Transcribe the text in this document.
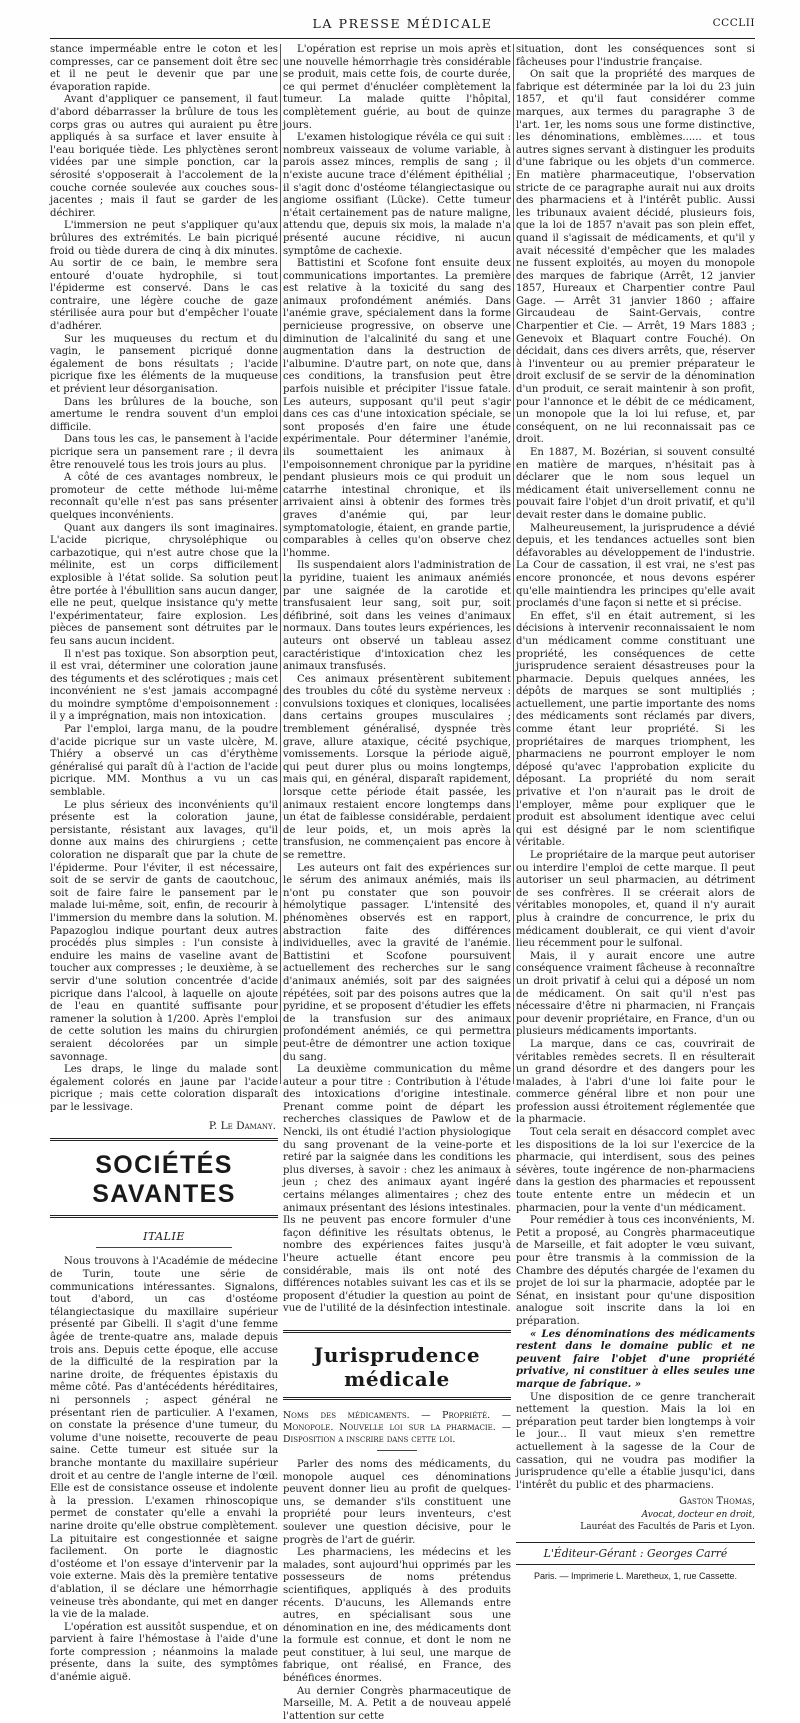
LA PRESSE MÉDICALE	CCCLII

stance imperméable entre le coton et les compresses, car ce pansement doit être sec et il ne peut le devenir que par une évaporation rapide.

Avant d'appliquer ce pansement, il faut d'abord débarrasser la brûlure de tous les corps gras ou autres qui auraient pu être appliqués à sa surface et laver ensuite à l'eau boriquée tiède. Les phlyctènes seront vidées par une simple ponction, car la sérosité s'opposerait à l'accolement de la couche cornée soulevée aux couches sous-jacentes ; mais il faut se garder de les déchirer.

L'immersion ne peut s'appliquer qu'aux brûlures des extrémités. Le bain picriqué froid ou tiède durera de cinq à dix minutes. Au sortir de ce bain, le membre sera entouré d'ouate hydrophile, si tout l'épiderme est conservé. Dans le cas contraire, une légère couche de gaze stérilisée aura pour but d'empêcher l'ouate d'adhérer.

Sur les muqueuses du rectum et du vagin, le pansement picriqué donne également de bons résultats ; l'acide picrique fixe les éléments de la muqueuse et prévient leur désorganisation.

Dans les brûlures de la bouche, son amertume le rendra souvent d'un emploi difficile.

Dans tous les cas, le pansement à l'acide picrique sera un pansement rare ; il devra être renouvelé tous les trois jours au plus.

A côté de ces avantages nombreux, le promoteur de cette méthode lui-même reconnaît qu'elle n'est pas sans présenter quelques inconvénients.

Quant aux dangers ils sont imaginaires. L'acide picrique, chrysoléphique ou carbazotique, qui n'est autre chose que la mélinite, est un corps difficilement explosible à l'état solide. Sa solution peut être portée à l'ébullition sans aucun danger, elle ne peut, quelque insistance qu'y mette l'expérimentateur, faire explosion. Les pièces de pansement sont détruites par le feu sans aucun incident.

Il n'est pas toxique. Son absorption peut, il est vrai, déterminer une coloration jaune des téguments et des sclérotiques ; mais cet inconvénient ne s'est jamais accompagné du moindre symptôme d'empoisonnement : il y a imprégnation, mais non intoxication.

Par l'emploi, larga manu, de la poudre d'acide picrique sur un vaste ulcère, M. Thiéry a observé un cas d'érythème généralisé qui paraît dû à l'action de l'acide picrique. MM. Monthus a vu un cas semblable.

Le plus sérieux des inconvénients qu'il présente est la coloration jaune, persistante, résistant aux lavages, qu'il donne aux mains des chirurgiens ; cette coloration ne disparaît que par la chute de l'épiderme. Pour l'éviter, il est nécessaire, soit de se servir de gants de caoutchouc, soit de faire faire le pansement par le malade lui-même, soit, enfin, de recourir à l'immersion du membre dans la solution. M. Papazoglou indique pourtant deux autres procédés plus simples : l'un consiste à enduire les mains de vaseline avant de toucher aux compresses ; le deuxième, à se servir d'une solution concentrée d'acide picrique dans l'alcool, à laquelle on ajoute de l'eau en quantité suffisante pour ramener la solution à 1/200. Après l'emploi de cette solution les mains du chirurgien seraient décolorées par un simple savonnage.

Les draps, le linge du malade sont également colorés en jaune par l'acide picrique ; mais cette coloration disparaît par le lessivage.

P. Le Damany.
SOCIÉTÉS SAVANTES
ITALIE

Nous trouvons à l'Académie de médecine de Turin, toute une série de communications intéressantes. Signalons, tout d'abord, un cas d'ostéome télangiectasique du maxillaire supérieur présenté par Gibelli. Il s'agit d'une femme âgée de trente-quatre ans, malade depuis trois ans. Depuis cette époque, elle accuse de la difficulté de la respiration par la narine droite, de fréquentes épistaxis du même côté. Pas d'antécédents héréditaires, ni personnels ; aspect général ne présentant rien de particulier. A l'examen, on constate la présence d'une tumeur, du volume d'une noisette, recouverte de peau saine. Cette tumeur est située sur la branche montante du maxillaire supérieur droit et au centre de l'angle interne de l'œil. Elle est de consistance osseuse et indolente à la pression. L'examen rhinoscopique permet de constater qu'elle a envahi la narine droite qu'elle obstrue complètement. La pituitaire est congestionnée et saigne facilement. On porte le diagnostic d'ostéome et l'on essaye d'intervenir par la voie externe. Mais dès la première tentative d'ablation, il se déclare une hémorrhagie veineuse très abondante, qui met en danger la vie de la malade.

L'opération est aussitôt suspendue, et on parvient à faire l'hémostase à l'aide d'une forte compression ; néanmoins la malade présente, dans la suite, des symptômes d'anémie aiguë.

L'opération est reprise un mois après et une nouvelle hémorrhagie très considérable se produit, mais cette fois, de courte durée, ce qui permet d'énucléer complètement la tumeur. La malade quitte l'hôpital, complètement guérie, au bout de quinze jours.

L'examen histologique révéla ce qui suit : nombreux vaisseaux de volume variable, à parois assez minces, remplis de sang ; il n'existe aucune trace d'élément épithélial ; il s'agit donc d'ostéome télangiectasique ou angiome ossifiant (Lücke). Cette tumeur n'était certainement pas de nature maligne, attendu que, depuis six mois, la malade n'a présenté aucune récidive, ni aucun symptôme de cachexie.

Battistini et Scofone font ensuite deux communications importantes. La première est relative à la toxicité du sang des animaux profondément anémiés. Dans l'anémie grave, spécialement dans la forme pernicieuse progressive, on observe une diminution de l'alcalinité du sang et une augmentation dans la destruction de l'albumine. D'autre part, on note que, dans ces conditions, la transfusion peut être parfois nuisible et précipiter l'issue fatale. Les auteurs, supposant qu'il peut s'agir dans ces cas d'une intoxication spéciale, se sont proposés d'en faire une étude expérimentale. Pour déterminer l'anémie, ils soumettaient les animaux à l'empoisonnement chronique par la pyridine pendant plusieurs mois ce qui produit un catarrhe intestinal chronique, et ils arrivaient ainsi à obtenir des formes très graves d'anémie qui, par leur symptomatologie, étaient, en grande partie, comparables à celles qu'on observe chez l'homme.

Ils suspendaient alors l'administration de la pyridine, tuaient les animaux anémiés par une saignée de la carotide et transfusaient leur sang, soit pur, soit défibriné, soit dans les veines d'animaux normaux. Dans toutes leurs expériences, les auteurs ont observé un tableau assez caractéristique d'intoxication chez les animaux transfusés.

Ces animaux présentèrent subitement des troubles du côté du système nerveux : convulsions toxiques et cloniques, localisées dans certains groupes musculaires ; tremblement généralisé, dyspnée très grave, allure ataxique, cécité psychique, vomissements. Lorsque la période aiguë, qui peut durer plus ou moins longtemps, mais qui, en général, disparaît rapidement, lorsque cette période était passée, les animaux restaient encore longtemps dans un état de faiblesse considérable, perdaient de leur poids, et, un mois après la transfusion, ne commençaient pas encore à se remettre.

Les auteurs ont fait des expériences sur le sérum des animaux anémiés, mais ils n'ont pu constater que son pouvoir hémolytique passager. L'intensité des phénomènes observés est en rapport, abstraction faite des différences individuelles, avec la gravité de l'anémie. Battistini et Scofone poursuivent actuellement des recherches sur le sang d'animaux anémiés, soit par des saignées répétées, soit par des poisons autres que la pyridine, et se proposent d'étudier les effets de la transfusion sur des animaux profondément anémiés, ce qui permettra peut-être de démontrer une action toxique du sang.

La deuxième communication du même auteur a pour titre : Contribution à l'étude des intoxications d'origine intestinale. Prenant comme point de départ les recherches classiques de Pawlow et de Nencki, ils ont étudié l'action physiologique du sang provenant de la veine-porte et retiré par la saignée dans les conditions les plus diverses, à savoir : chez les animaux à jeun ; chez des animaux ayant ingéré certains mélanges alimentaires ; chez des animaux présentant des lésions intestinales. Ils ne peuvent pas encore formuler d'une façon définitive les résultats obtenus, le nombre des expériences faites jusqu'à l'heure actuelle étant encore peu considérable, mais ils ont noté des différences notables suivant les cas et ils se proposent d'étudier la question au point de vue de l'utilité de la désinfection intestinale.

Jurisprudence médicale
Noms des médicaments. — Propriété. — Monopole. Nouvelle loi sur la pharmacie. — Disposition a inscrire dans cette loi.

Parler des noms des médicaments, du monopole auquel ces dénominations peuvent donner lieu au profit de quelques-uns, se demander s'ils constituent une propriété pour leurs inventeurs, c'est soulever une question décisive, pour le progrès de l'art de guérir.

Les pharmaciens, les médecins et les malades, sont aujourd'hui opprimés par les possesseurs de noms prétendus scientifiques, appliqués à des produits récents. D'aucuns, les Allemands entre autres, en spécialisant sous une dénomination en ine, des médicaments dont la formule est connue, et dont le nom ne peut constituer, à lui seul, une marque de fabrique, ont réalisé, en France, des bénéfices énormes.

Au dernier Congrès pharmaceutique de Marseille, M. A. Petit a de nouveau appelé l'attention sur cette

situation, dont les conséquences sont si fâcheuses pour l'industrie française.

On sait que la propriété des marques de fabrique est déterminée par la loi du 23 juin 1857, et qu'il faut considérer comme marques, aux termes du paragraphe 3 de l'art. 1er, les noms sous une forme distinctive, les dénominations, emblèmes...... et tous autres signes servant à distinguer les produits d'une fabrique ou les objets d'un commerce. En matière pharmaceutique, l'observation stricte de ce paragraphe aurait nui aux droits des pharmaciens et à l'intérêt public. Aussi les tribunaux avaient décidé, plusieurs fois, que la loi de 1857 n'avait pas son plein effet, quand il s'agissait de médicaments, et qu'il y avait nécessité d'empêcher que les malades ne fussent exploités, au moyen du monopole des marques de fabrique (Arrêt, 12 janvier 1857, Hureaux et Charpentier contre Paul Gage. — Arrêt 31 janvier 1860 ; affaire Gircaudeau de Saint-Gervais, contre Charpentier et Cie. — Arrêt, 19 Mars 1883 ; Genevoix et Blaquart contre Fouché). On décidait, dans ces divers arrêts, que, réserver à l'inventeur ou au premier préparateur le droit exclusif de se servir de la dénomination d'un produit, ce serait maintenir à son profit, pour l'annonce et le débit de ce médicament, un monopole que la loi lui refuse, et, par conséquent, on ne lui reconnaissait pas ce droit.

En 1887, M. Bozérian, si souvent consulté en matière de marques, n'hésitait pas à déclarer que le nom sous lequel un médicament était universellement connu ne pouvait faire l'objet d'un droit privatif, et qu'il devait rester dans le domaine public.

Malheureusement, la jurisprudence a dévié depuis, et les tendances actuelles sont bien défavorables au développement de l'industrie. La Cour de cassation, il est vrai, ne s'est pas encore prononcée, et nous devons espérer qu'elle maintiendra les principes qu'elle avait proclamés d'une façon si nette et si précise.

En effet, s'il en était autrement, si les décisions à intervenir reconnaissaient le nom d'un médicament comme constituant une propriété, les conséquences de cette jurisprudence seraient désastreuses pour la pharmacie. Depuis quelques années, les dépôts de marques se sont multipliés ; actuellement, une partie importante des noms des médicaments sont réclamés par divers, comme étant leur propriété. Si les propriétaires de marques triomphent, les pharmaciens ne pourront employer le nom déposé qu'avec l'approbation explicite du déposant. La propriété du nom serait privative et l'on n'aurait pas le droit de l'employer, même pour expliquer que le produit est absolument identique avec celui qui est désigné par le nom scientifique véritable.

Le propriétaire de la marque peut autoriser ou interdire l'emploi de cette marque. Il peut autoriser un seul pharmacien, au détriment de ses confrères. Il se créerait alors de véritables monopoles, et, quand il n'y aurait plus à craindre de concurrence, le prix du médicament doublerait, ce qui vient d'avoir lieu récemment pour le sulfonal.

Mais, il y aurait encore une autre conséquence vraiment fâcheuse à reconnaître un droit privatif à celui qui a déposé un nom de médicament. On sait qu'il n'est pas nécessaire d'être ni pharmacien, ni Français pour devenir propriétaire, en France, d'un ou plusieurs médicaments importants.

La marque, dans ce cas, couvrirait de véritables remèdes secrets. Il en résulterait un grand désordre et des dangers pour les malades, à l'abri d'une loi faite pour le commerce général libre et non pour une profession aussi étroitement réglementée que la pharmacie.

Tout cela serait en désaccord complet avec les dispositions de la loi sur l'exercice de la pharmacie, qui interdisent, sous des peines sévères, toute ingérence de non-pharmaciens dans la gestion des pharmacies et repoussent toute entente entre un médecin et un pharmacien, pour la vente d'un médicament.

Pour remédier à tous ces inconvénients, M. Petit a proposé, au Congrès pharmaceutique de Marseille, et fait adopter le vœu suivant, pour être transmis à la commission de la Chambre des députés chargée de l'examen du projet de loi sur la pharmacie, adoptée par le Sénat, en insistant pour qu'une disposition analogue soit inscrite dans la loi en préparation.

« Les dénominations des médicaments restent dans le domaine public et ne peuvent faire l'objet d'une propriété privative, ni constituer à elles seules une marque de fabrique. »

Une disposition de ce genre trancherait nettement la question. Mais la loi en préparation peut tarder bien longtemps à voir le jour... Il vaut mieux s'en remettre actuellement à la sagesse de la Cour de cassation, qui ne voudra pas modifier la jurisprudence qu'elle a établie jusqu'ici, dans l'intérêt du public et des pharmaciens.

Gaston Thomas,
Avocat, docteur en droit,
Lauréat des Facultés de Paris et Lyon.
L'Éditeur-Gérant : Georges Carré
Paris. — Imprimerie L. Maretheux, 1, rue Cassette.
